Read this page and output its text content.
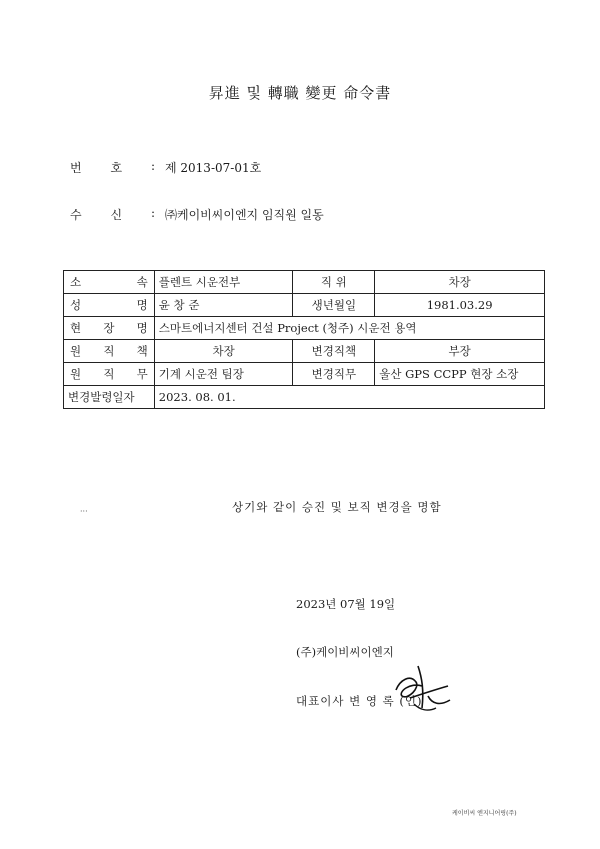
昇進 및 轉職 變更 命令書
번 호 : 제 2013-07-01호
수 신 : ㈜케이비씨이엔지 임직원 일동
소 속	플렌트 시운전부	직 위	차장
성 명	윤 창 준	생년월일	1981.03.29
현 장 명	스마트에너지센터 건설 Project (청주) 시운전 용역		
원 직 책	차장	변경직책	부장
원 직 무	기계 시운전 팀장	변경직무	울산 GPS CCPP 현장 소장
변경발령일자	2023. 08. 01.		
···	상기와 같이 승진 및 보직 변경을 명함
2023년 07월 19일
(주)케이비씨이엔지
대표이사 변 영 록 (인)
케이비씨 엔지니어링(주)
